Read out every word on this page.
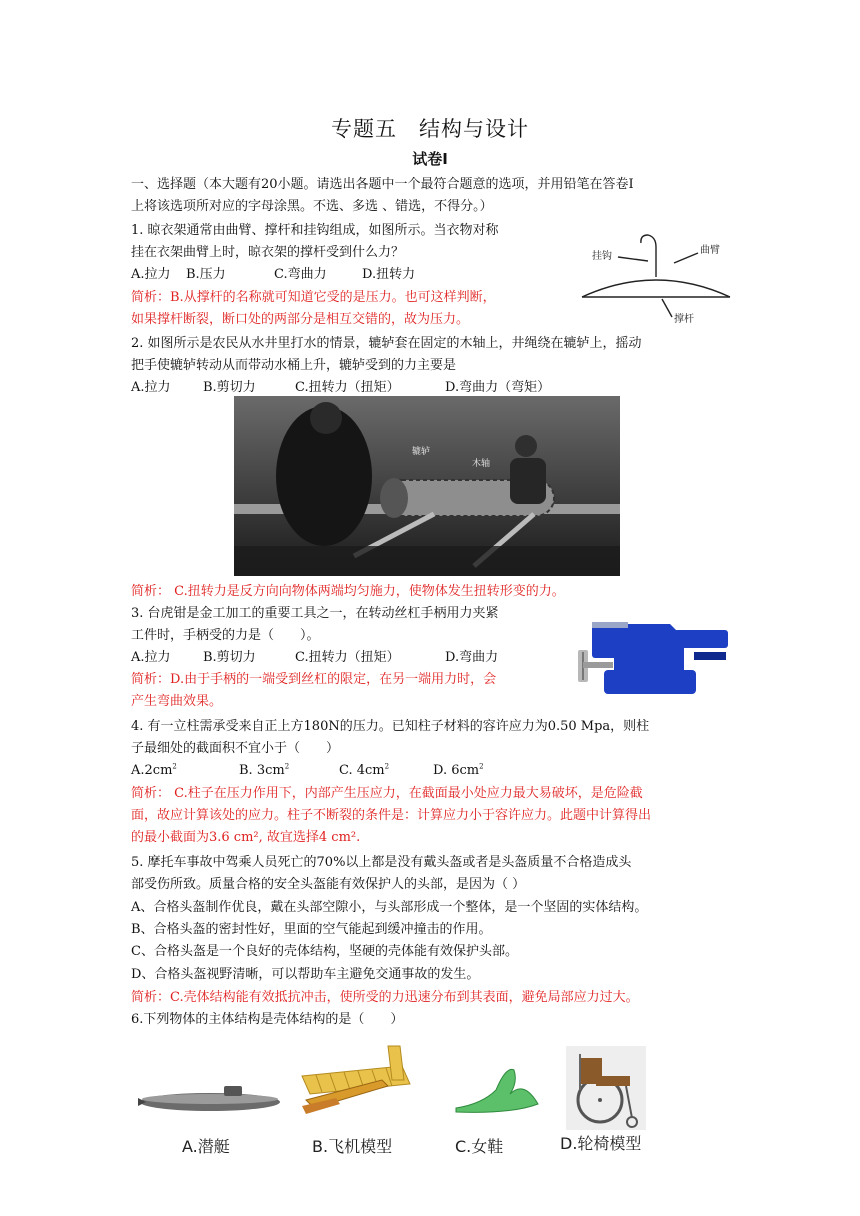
专题五　结构与设计
试卷Ⅰ
一、选择题（本大题有20小题。请选出各题中一个最符合题意的选项，并用铅笔在答卷Ⅰ
上将该选项所对应的字母涂黑。不选、多选 、错选，不得分。）
1. 晾衣架通常由曲臂、撑杆和挂钩组成，如图所示。当衣物对称
挂在衣架曲臂上时，晾衣架的撑杆受到什么力？
A.拉力 B.压力	C.弯曲力	D.扭转力
简析：B.从撑杆的名称就可知道它受的是压力。也可这样判断，
如果撑杆断裂，断口处的两部分是相互交错的，故为压力。
挂钩
曲臂
撑杆
2. 如图所示是农民从水井里打水的情景，辘轳套在固定的木轴上，井绳绕在辘轳上，摇动
把手使辘轳转动从而带动水桶上升，辘轳受到的力主要是
A.拉力 B.剪切力	C.扭转力（扭矩）	D.弯曲力（弯矩）
辘轳
木轴
简析： C.扭转力是反方向向物体两端均匀施力，使物体发生扭转形变的力。
3. 台虎钳是金工加工的重要工具之一，在转动丝杠手柄用力夹紧
工件时，手柄受的力是（　　）。
A.拉力 B.剪切力	C.扭转力（扭矩）	D.弯曲力
简析：D.由于手柄的一端受到丝杠的限定，在另一端用力时，会
产生弯曲效果。
4. 有一立柱需承受来自正上方180N的压力。已知柱子材料的容许应力为0.50 Mpa，则柱
子最细处的截面积不宜小于（　　）
$A.2cm^2$	B. $3cm^2$	C. $4cm^2$	D. $6cm^2$
简析： C.柱子在压力作用下，内部产生压应力，在截面最小处应力最大易破坏，是危险截
面，故应计算该处的应力。柱子不断裂的条件是：计算应力小于容许应力。此题中计算得出
的最小截面为3.6 cm², 故宜选择4 cm².
5. 摩托车事故中驾乘人员死亡的70%以上都是没有戴头盔或者是头盔质量不合格造成头
部受伤所致。质量合格的安全头盔能有效保护人的头部，是因为（ ）
A、合格头盔制作优良，戴在头部空隙小，与头部形成一个整体，是一个坚固的实体结构。
B、合格头盔的密封性好，里面的空气能起到缓冲撞击的作用。
C、合格头盔是一个良好的壳体结构，坚硬的壳体能有效保护头部。
D、合格头盔视野清晰，可以帮助车主避免交通事故的发生。
简析：C.壳体结构能有效抵抗冲击，使所受的力迅速分布到其表面，避免局部应力过大。
6.下列物体的主体结构是壳体结构的是（　　）
A.潜艇	B.飞机模型	C.女鞋	D.轮椅模型
